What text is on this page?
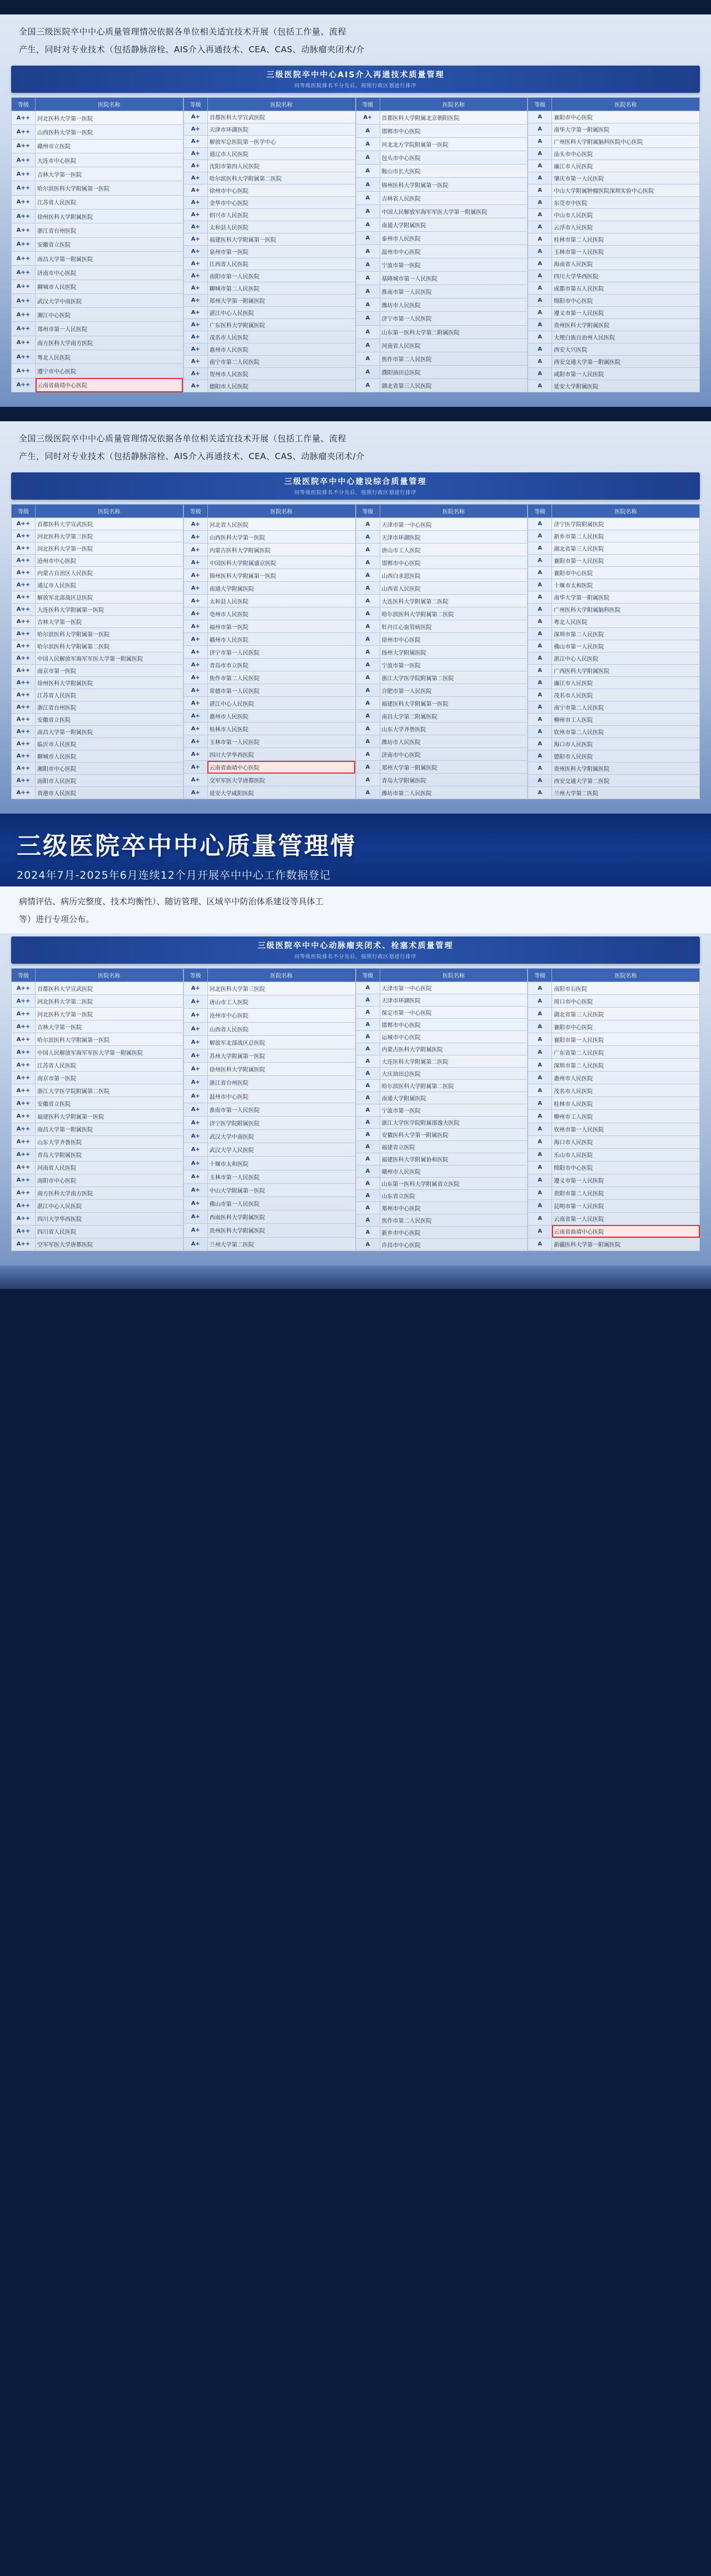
全国三级医院卒中中心质量管理情况依据各单位相关适宜技术开展（包括工作量、流程

产生，同时对专业技术（包括静脉溶栓、AIS介入再通技术、CEA、CAS、动脉瘤夹闭术/介

三级医院卒中中心AIS介入再通技术质量管理
同等级医院排名不分先后，按照行政区划进行排序
等级	医院名称
A++	河北医科大学第一医院
A++	山西医科大学第一医院
A++	赣州市立医院
A++	大连市中心医院
A++	吉林大学第一医院
A++	哈尔滨医科大学附属第一医院
A++	江苏省人民医院
A++	徐州医科大学附属医院
A++	浙江省台州医院
A++	安徽省立医院
A++	南昌大学第一附属医院
A++	济南市中心医院
A++	聊城市人民医院
A++	武汉大学中南医院
A++	湘江中心医院
A++	郑州市第一人民医院
A++	南方医科大学南方医院
A++	粤北人民医院
A++	遵宁市中心医院
A++	云南省曲靖中心医院
等级	医院名称
A+	首都医科大学宣武医院
A+	天津市环湖医院
A+	解放军总医院第一医学中心
A+	通辽市人民医院
A+	沈阳市第四人民医院
A+	哈尔滨医科大学附属第二医院
A+	徐州市中心医院
A+	金华市中心医院
A+	绍兴市人民医院
A+	太和县人民医院
A+	福建医科大学附属第一医院
A+	泉州市第一医院
A+	江西省人民医院
A+	南阳市第一人民医院
A+	聊城市第二人民医院
A+	郑州大学第一附属医院
A+	湛江中心人民医院
A+	广东医科大学附属医院
A+	茂名市人民医院
A+	惠州市人民医院
A+	南宁市第二人民医院
A+	贺州市人民医院
A+	德阳市人民医院
等级	医院名称
A+	首都医科大学附属北京朝阳医院
A	邯郸市中心医院
A	河北北方学院附属第一医院
A	包头市中心医院
A	鞍山市长大医院
A	锦州医科大学附属第一医院
A	吉林省人民医院
A	中国人民解放军海军军医大学第一附属医院
A	南通大学附属医院
A	泰州市人民医院
A	温州市中心医院
A	宁波市第一医院
A	基隆城市第一人民医院
A	淮南市第一人民医院
A	潍坊市人民医院
A	济宁市第一人民医院
A	山东第一医科大学第二附属医院
A	河南省人民医院
A	焦作市第二人民医院
A	濮阳油田总医院
A	湖北省第三人民医院
等级	医院名称
A	襄阳市中心医院
A	南华大学第一附属医院
A	广州医科大学附属脑科医院中心医院
A	汕头市中心医院
A	廉江市人民医院
A	肇庆市第一人民医院
A	中山大学附属肿瘤医院深圳实验中心医院
A	东莞市中医院
A	中山市人民医院
A	云浮市人民医院
A	桂林市第二人民医院
A	玉林市第一人民医院
A	海南省人民医院
A	四川大学华西医院
A	成都市第五人民医院
A	绵阳市中心医院
A	遵义市第一人民医院
A	贵州医科大学附属医院
A	大理白族自治州人民医院
A	西安大兴医院
A	西安交通大学第一附属医院
A	咸阳市第一人民医院
A	延安大学附属医院

全国三级医院卒中中心质量管理情况依据各单位相关适宜技术开展（包括工作量、流程

产生，同时对专业技术（包括静脉溶栓、AIS介入再通技术、CEA、CAS、动脉瘤夹闭术/介

三级医院卒中中心建设综合质量管理
同等级医院排名不分先后，按照行政区划进行排序
等级	医院名称
A++	首都医科大学宣武医院
A++	河北医科大学第二医院
A++	河北医科大学第一医院
A++	沧州市中心医院
A++	内蒙古自治区人民医院
A++	通辽市人民医院
A++	解放军北部战区总医院
A++	大连医科大学附属第一医院
A++	吉林大学第一医院
A++	哈尔滨医科大学附属第一医院
A++	哈尔滨医科大学附属第二医院
A++	中国人民解放军海军军医大学第一附属医院
A++	南京市第一医院
A++	徐州医科大学附属医院
A++	江苏省人民医院
A++	浙江省台州医院
A++	安徽省立医院
A++	南昌大学第一附属医院
A++	临沂市人民医院
A++	聊城市人民医院
A++	湘阳市中心医院
A++	南阳市人民医院
A++	贵港市人民医院
等级	医院名称
A+	河北省人民医院
A+	山西医科大学第一医院
A+	内蒙古医科大学附属医院
A+	中国医科大学附属盛京医院
A+	锦州医科大学附属第一医院
A+	南通大学附属医院
A+	太和县人民医院
A+	亳州市人民医院
A+	福州市第一医院
A+	赣州市人民医院
A+	济宁市第一人民医院
A+	青岛市市立医院
A+	焦作市第二人民医院
A+	常德市第一人民医院
A+	湛江中心人民医院
A+	惠州市人民医院
A+	桂林市人民医院
A+	玉林市第一人民医院
A+	四川大学华西医院
A+	云南省曲靖中心医院
A+	交军军医大学唐都医院
A+	延安大学咸阳医院
等级	医院名称
A	天津市第一中心医院
A	天津市环湖医院
A	唐山市工人医院
A	邯郸市中心医院
A	山西白求恩医院
A	山西省人民医院
A	大连医科大学附属第二医院
A	哈尔滨医科大学附属第二医院
A	牡丹江心血管病医院
A	徐州市中心医院
A	扬州大学附属医院
A	宁波市第一医院
A	浙江大学医学院附属第二医院
A	合肥市第一人民医院
A	福建医科大学附属第一医院
A	南昌大学第二附属医院
A	山东大学齐鲁医院
A	潍坊市人民医院
A	济南市中心医院
A	郑州大学第一附属医院
A	青岛大学附属医院
A	潍坊市第二人民医院
等级	医院名称
A	济宁医学院附属医院
A	新乡市第二人民医院
A	湖北省第三人民医院
A	襄阳市第一人民医院
A	襄阳市中心医院
A	十堰市太和医院
A	南华大学第一附属医院
A	广州医科大学附属脑科医院
A	粤北人民医院
A	深圳市第二人民医院
A	佛山市第一人民医院
A	湛江中心人民医院
A	广西医科大学附属医院
A	廉江市人民医院
A	茂名市人民医院
A	南宁市第二人民医院
A	柳州市工人医院
A	钦州市第二人民医院
A	海口市人民医院
A	德阳市人民医院
A	贵州医科大学附属医院
A	西安交通大学第二医院
A	兰州大学第二医院
三级医院卒中中心质量管理情
2024年7月-2025年6月连续12个月开展卒中中心工作数据登记

病情评估、病历完整度、技术均衡性）、随访管理、区域卒中防治体系建设等具体工

等）进行专项公布。

三级医院卒中中心动脉瘤夹闭术、栓塞术质量管理
同等级医院排名不分先后，按照行政区划进行排序
等级	医院名称
A++	首都医科大学宣武医院
A++	河北医科大学第二医院
A++	河北医科大学第一医院
A++	吉林大学第一医院
A++	哈尔滨医科大学附属第一医院
A++	中国人民解放军海军军医大学第一附属医院
A++	江苏省人民医院
A++	南京市第一医院
A++	浙江大学医学院附属第二医院
A++	安徽省立医院
A++	福建医科大学附属第一医院
A++	南昌大学第一附属医院
A++	山东大学齐鲁医院
A++	青岛大学附属医院
A++	河南省人民医院
A++	南阳市中心医院
A++	南方医科大学南方医院
A++	湛江中心人民医院
A++	四川大学华西医院
A++	四川省人民医院
A++	空军军医大学唐都医院
等级	医院名称
A+	河北医科大学第三医院
A+	唐山市工人医院
A+	沧州市中心医院
A+	山西省人民医院
A+	解放军北部战区总医院
A+	苏州大学附属第一医院
A+	徐州医科大学附属医院
A+	浙江省台州医院
A+	温州市中心医院
A+	淮南市第一人民医院
A+	济宁医学院附属医院
A+	武汉大学中南医院
A+	武汉大学人民医院
A+	十堰市太和医院
A+	玉林市第一人民医院
A+	中山大学附属第一医院
A+	佛山市第一人民医院
A+	西南医科大学附属医院
A+	贵州医科大学附属医院
A+	兰州大学第二医院
等级	医院名称
A	天津市第一中心医院
A	天津市环湖医院
A	保定市第一中心医院
A	邯郸市中心医院
A	运城市中心医院
A	内蒙古医科大学附属医院
A	大连医科大学附属第二医院
A	大庆油田总医院
A	哈尔滨医科大学附属第二医院
A	南通大学附属医院
A	宁波市第一医院
A	浙江大学医学院附属邵逸夫医院
A	安徽医科大学第一附属医院
A	福建省立医院
A	福建医科大学附属协和医院
A	赣州市人民医院
A	山东第一医科大学附属省立医院
A	山东省立医院
A	郑州市中心医院
A	焦作市第二人民医院
A	新乡市中心医院
A	许昌市中心医院
等级	医院名称
A	南阳市石医院
A	周口市中心医院
A	湖北省第三人民医院
A	襄阳市中心医院
A	襄阳市第一人民医院
A	广东省第二人民医院
A	深圳市第二人民医院
A	惠州市人民医院
A	茂名市人民医院
A	桂林市人民医院
A	柳州市工人医院
A	钦州市第一人民医院
A	海口市人民医院
A	乐山市人民医院
A	绵阳市中心医院
A	遵义市第一人民医院
A	贵阳市第二人民医院
A	昆明市第一人民医院
A	云南省第一人民医院
A	云南省曲靖中心医院
A	新疆医科大学第一附属医院
